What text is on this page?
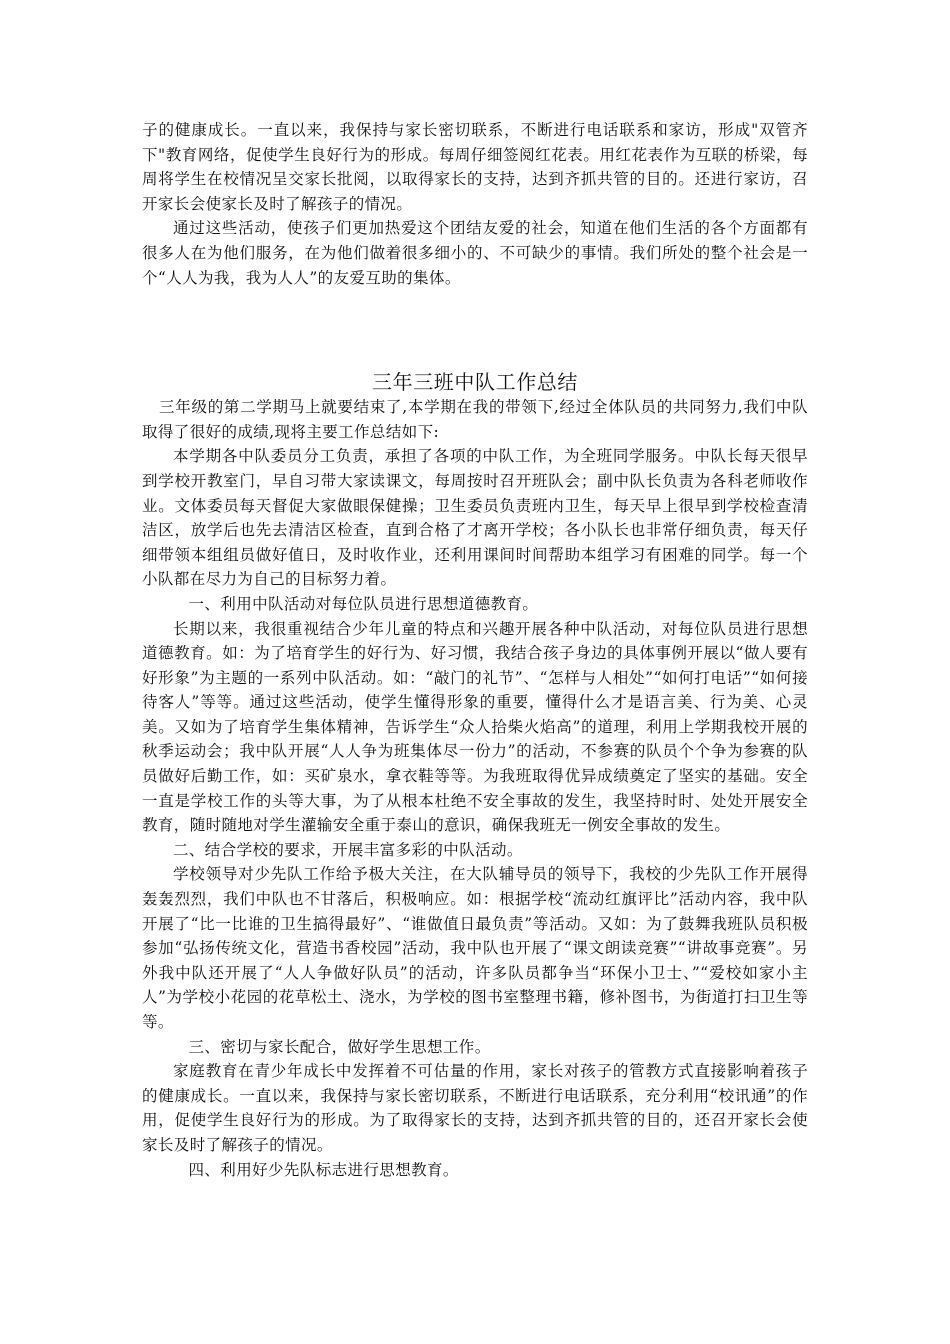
子的健康成长。一直以来，我保持与家长密切联系，不断进行电话联系和家访，形成"双管齐下"教育网络，促使学生良好行为的形成。每周仔细签阅红花表。用红花表作为互联的桥梁，每周将学生在校情况呈交家长批阅，以取得家长的支持，达到齐抓共管的目的。还进行家访，召开家长会使家长及时了解孩子的情况。

通过这些活动，使孩子们更加热爱这个团结友爱的社会，知道在他们生活的各个方面都有很多人在为他们服务，在为他们做着很多细小的、不可缺少的事情。我们所处的整个社会是一个“人人为我，我为人人”的友爱互助的集体。

三年三班中队工作总结

三年级的第二学期马上就要结束了,本学期在我的带领下,经过全体队员的共同努力,我们中队取得了很好的成绩,现将主要工作总结如下:

本学期各中队委员分工负责，承担了各项的中队工作，为全班同学服务。中队长每天很早到学校开教室门，早自习带大家读课文，每周按时召开班队会；副中队长负责为各科老师收作业。文体委员每天督促大家做眼保健操；卫生委员负责班内卫生，每天早上很早到学校检查清洁区，放学后也先去清洁区检查，直到合格了才离开学校；各小队长也非常仔细负责，每天仔细带领本组组员做好值日，及时收作业，还利用课间时间帮助本组学习有困难的同学。每一个小队都在尽力为自己的目标努力着。

一、利用中队活动对每位队员进行思想道德教育。

长期以来，我很重视结合少年儿童的特点和兴趣开展各种中队活动，对每位队员进行思想道德教育。如：为了培育学生的好行为、好习惯，我结合孩子身边的具体事例开展以“做人要有好形象”为主题的一系列中队活动。如：“敲门的礼节”、“怎样与人相处”“如何打电话”“如何接待客人”等等。通过这些活动，使学生懂得形象的重要，懂得什么才是语言美、行为美、心灵美。又如为了培育学生集体精神，告诉学生“众人拾柴火焰高”的道理，利用上学期我校开展的秋季运动会；我中队开展“人人争为班集体尽一份力”的活动，不参赛的队员个个争为参赛的队员做好后勤工作，如：买矿泉水，拿衣鞋等等。为我班取得优异成绩奠定了坚实的基础。安全一直是学校工作的头等大事，为了从根本杜绝不安全事故的发生，我坚持时时、处处开展安全教育，随时随地对学生灌输安全重于泰山的意识，确保我班无一例安全事故的发生。

二、结合学校的要求，开展丰富多彩的中队活动。

学校领导对少先队工作给予极大关注，在大队辅导员的领导下，我校的少先队工作开展得轰轰烈烈，我们中队也不甘落后，积极响应。如：根据学校“流动红旗评比”活动内容，我中队开展了“比一比谁的卫生搞得最好”、“谁做值日最负责”等活动。又如：为了鼓舞我班队员积极参加“弘扬传统文化，营造书香校园”活动，我中队也开展了“课文朗读竞赛”“讲故事竞赛”。另外我中队还开展了“人人争做好队员”的活动，许多队员都争当“环保小卫士、”“爱校如家小主人”为学校小花园的花草松土、浇水，为学校的图书室整理书籍，修补图书，为街道打扫卫生等等。

三、密切与家长配合，做好学生思想工作。

家庭教育在青少年成长中发挥着不可估量的作用，家长对孩子的管教方式直接影响着孩子的健康成长。一直以来，我保持与家长密切联系，不断进行电话联系，充分利用“校讯通”的作用，促使学生良好行为的形成。为了取得家长的支持，达到齐抓共管的目的，还召开家长会使家长及时了解孩子的情况。

四、利用好少先队标志进行思想教育。
